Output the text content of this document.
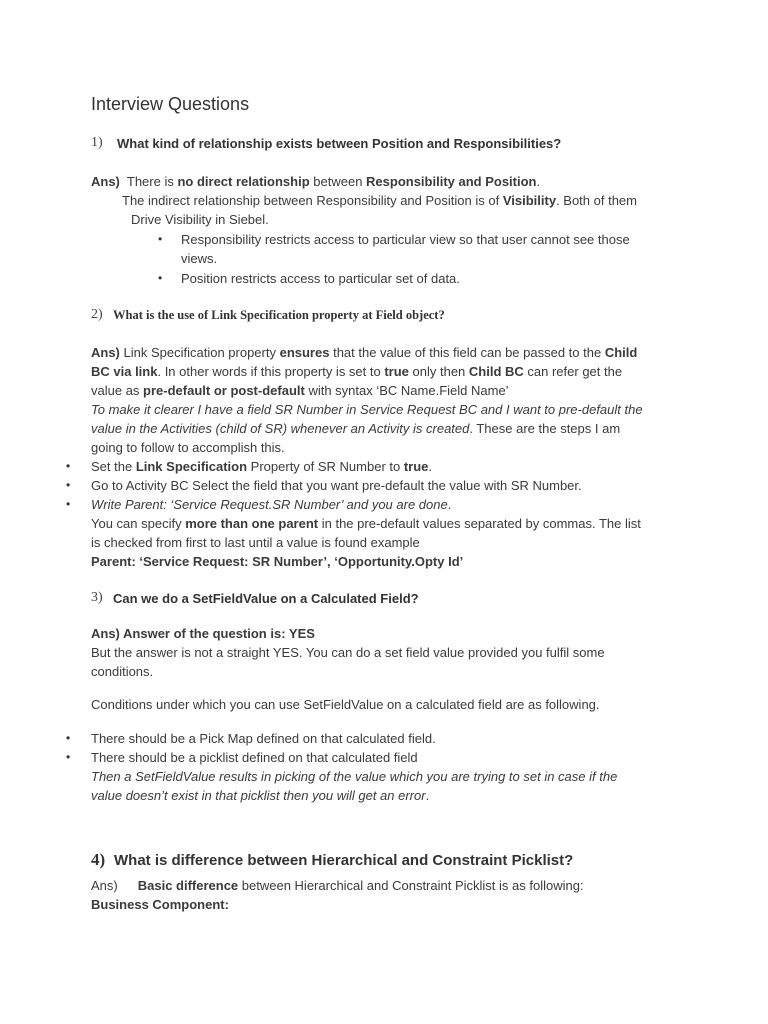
Interview Questions
1) What kind of relationship exists between Position and Responsibilities?
Ans) There is no direct relationship between Responsibility and Position.
The indirect relationship between Responsibility and Position is of Visibility. Both of them
Drive Visibility in Siebel.
• Responsibility restricts access to particular view so that user cannot see those
views.
• Position restricts access to particular set of data.
2) What is the use of Link Specification property at Field object?
Ans) Link Specification property ensures that the value of this field can be passed to the Child
BC via link. In other words if this property is set to true only then Child BC can refer get the
value as pre-default or post-default with syntax ‘BC Name.Field Name’
To make it clearer I have a field SR Number in Service Request BC and I want to pre-default the
value in the Activities (child of SR) whenever an Activity is created. These are the steps I am
going to follow to accomplish this.
• Set the Link Specification Property of SR Number to true.
• Go to Activity BC Select the field that you want pre-default the value with SR Number.
• Write Parent: ‘Service Request.SR Number’ and you are done.
You can specify more than one parent in the pre-default values separated by commas. The list
is checked from first to last until a value is found example
Parent: ‘Service Request: SR Number’, ‘Opportunity.Opty Id’
3) Can we do a SetFieldValue on a Calculated Field?
Ans) Answer of the question is: YES
But the answer is not a straight YES. You can do a set field value provided you fulfil some
conditions.
Conditions under which you can use SetFieldValue on a calculated field are as following.
• There should be a Pick Map defined on that calculated field.
• There should be a picklist defined on that calculated field
Then a SetFieldValue results in picking of the value which you are trying to set in case if the
value doesn’t exist in that picklist then you will get an error.
4) What is difference between Hierarchical and Constraint Picklist?
Ans) Basic difference between Hierarchical and Constraint Picklist is as following:
Business Component:
